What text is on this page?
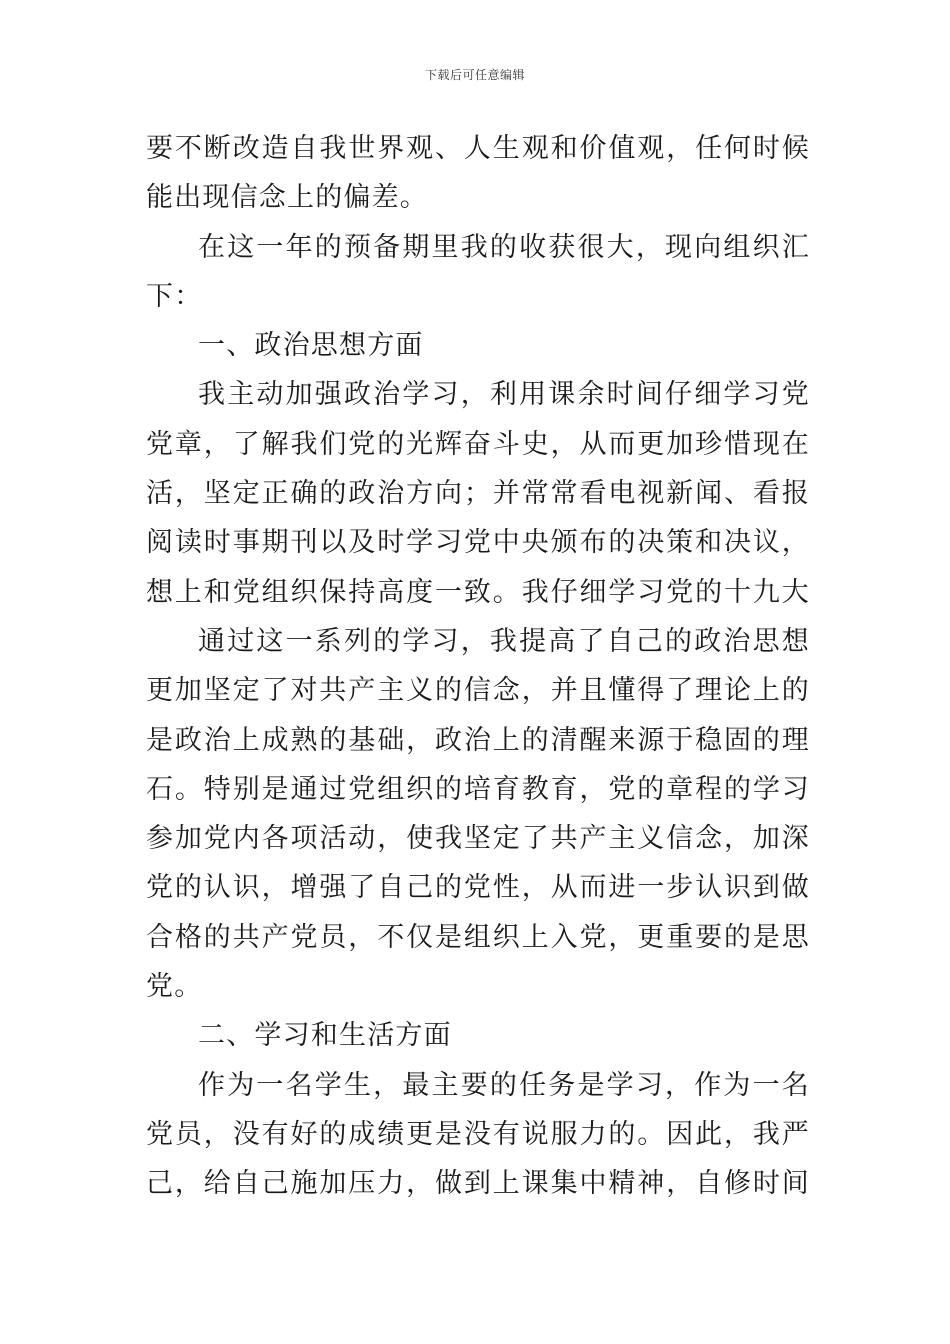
下载后可任意编辑
要不断改造自我世界观、人生观和价值观，任何时候
能出现信念上的偏差。
在这一年的预备期里我的收获很大，现向组织汇
下：
一、政治思想方面
我主动加强政治学习，利用课余时间仔细学习党
党章，了解我们党的光辉奋斗史，从而更加珍惜现在
活，坚定正确的政治方向；并常常看电视新闻、看报
阅读时事期刊以及时学习党中央颁布的决策和决议，
想上和党组织保持高度一致。我仔细学习党的十九大
通过这一系列的学习，我提高了自己的政治思想
更加坚定了对共产主义的信念，并且懂得了理论上的
是政治上成熟的基础，政治上的清醒来源于稳固的理
石。特别是通过党组织的培育教育，党的章程的学习
参加党内各项活动，使我坚定了共产主义信念，加深
党的认识，增强了自己的党性，从而进一步认识到做
合格的共产党员，不仅是组织上入党，更重要的是思
党。
二、学习和生活方面
作为一名学生，最主要的任务是学习，作为一名
党员，没有好的成绩更是没有说服力的。因此，我严
己，给自己施加压力，做到上课集中精神，自修时间
